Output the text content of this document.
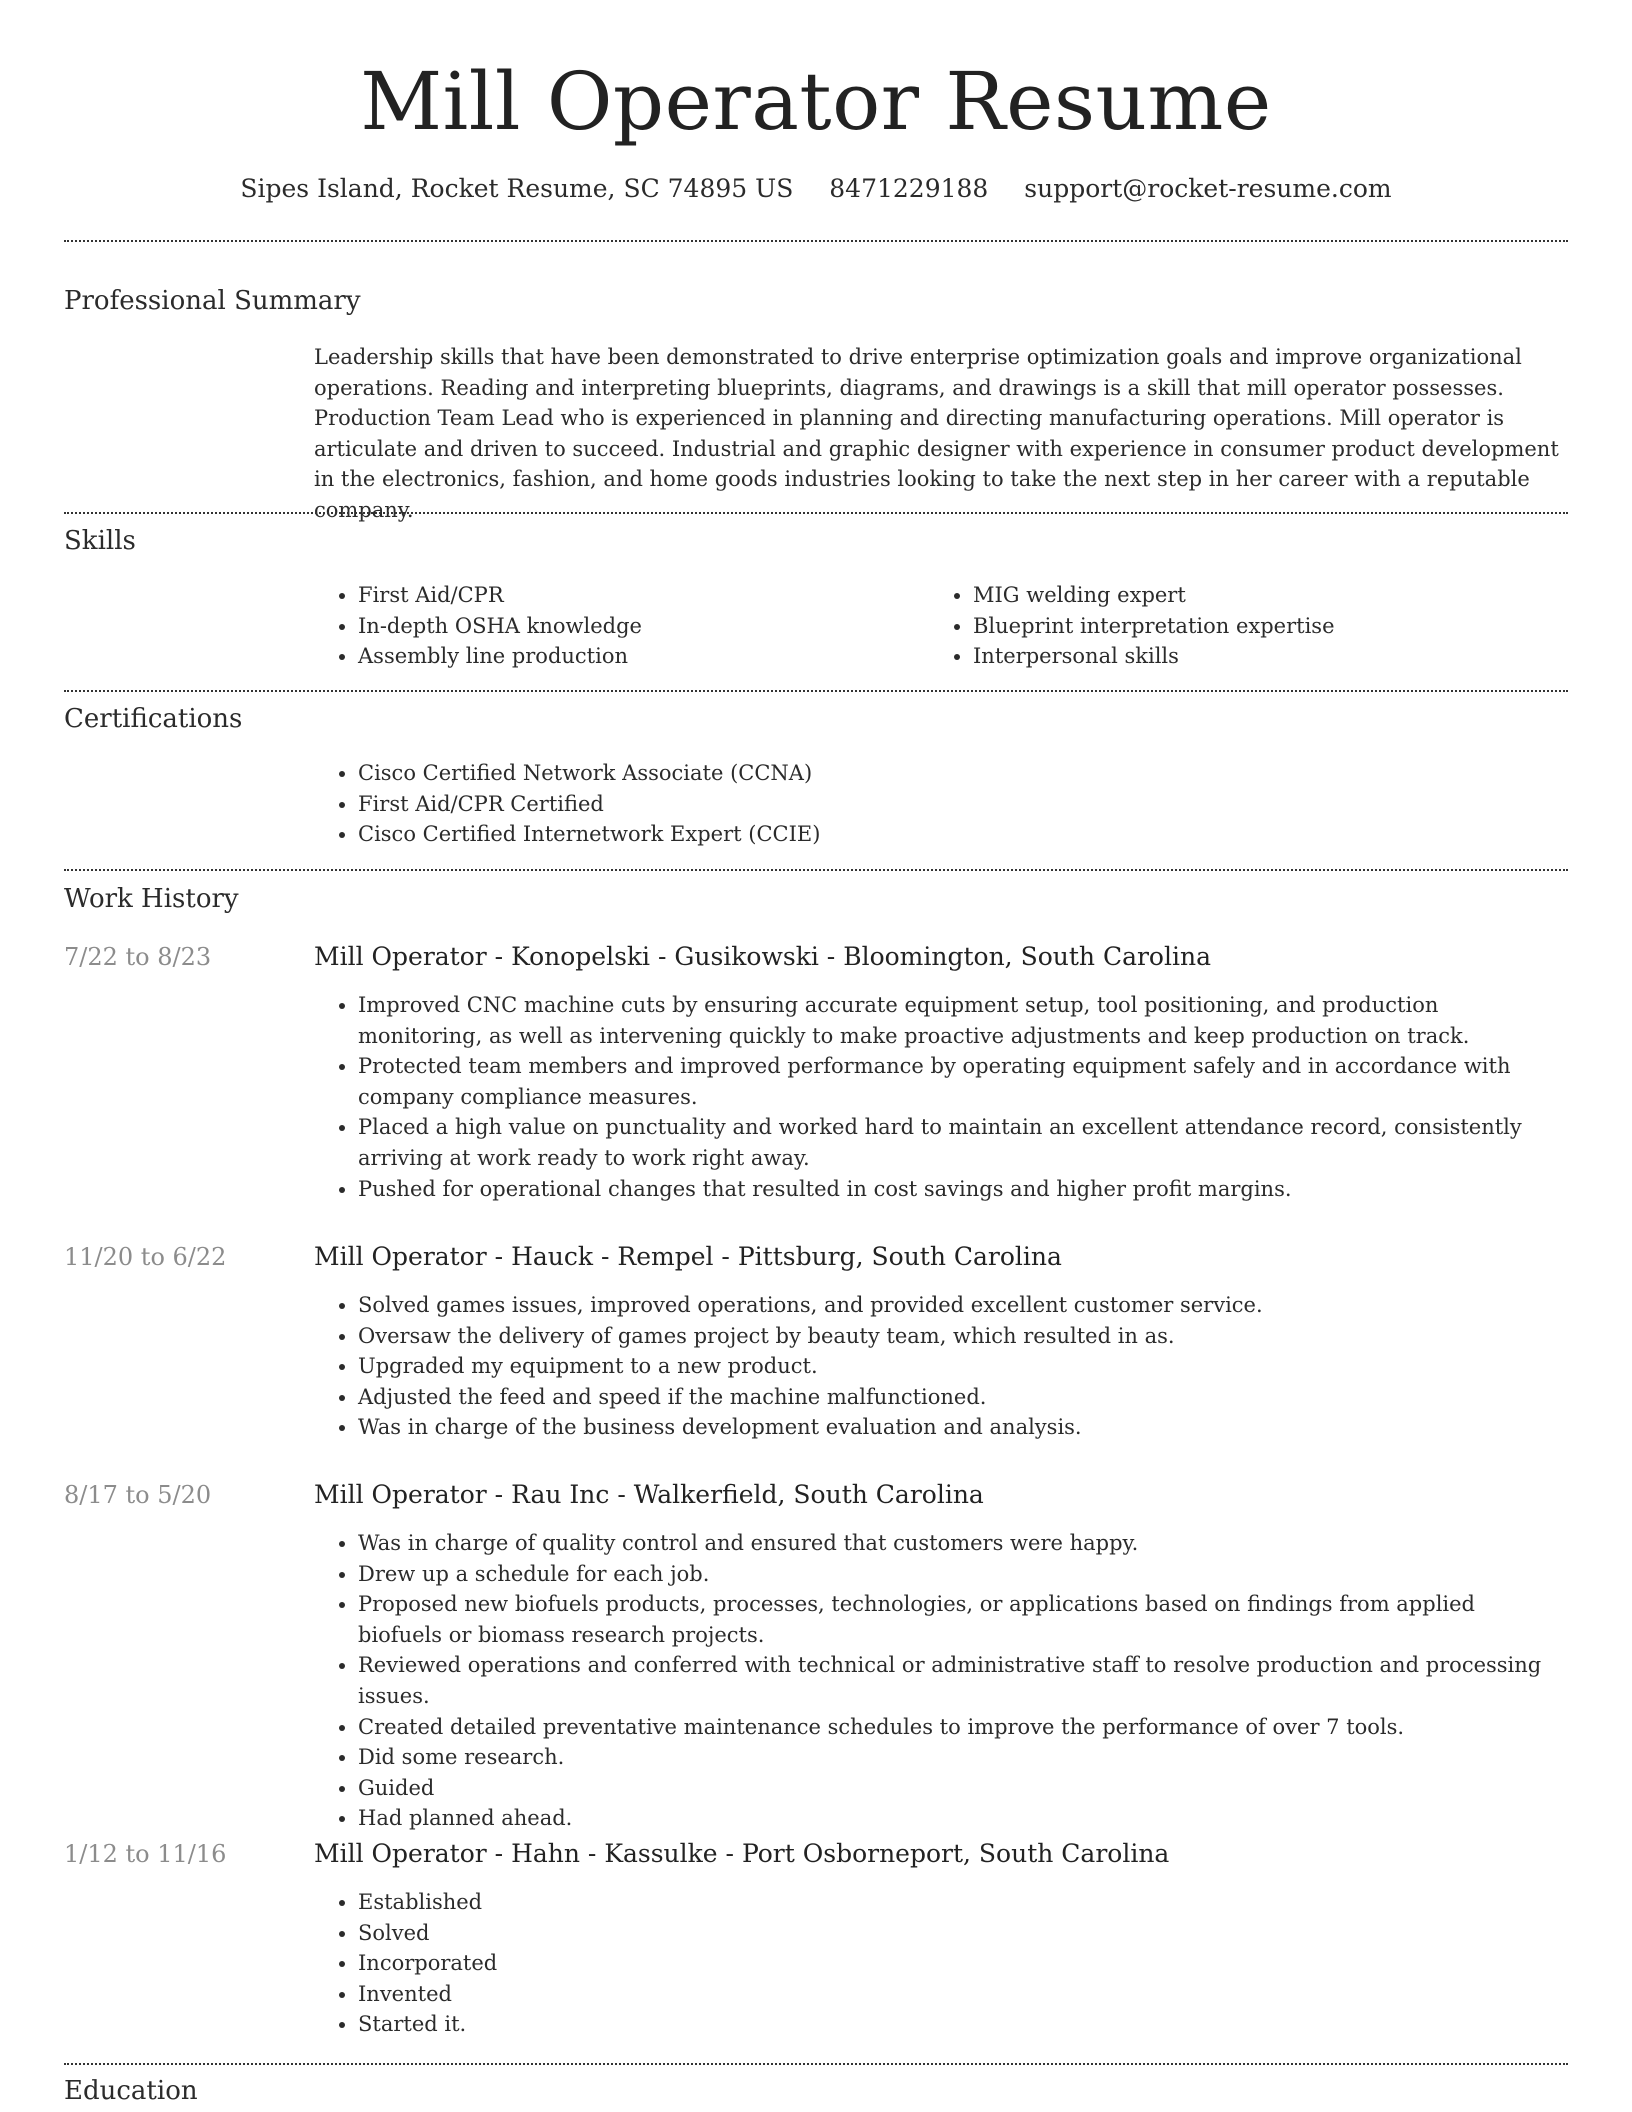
Mill Operator Resume
Sipes Island, Rocket Resume, SC 74895 US 8471229188 support@rocket-resume.com
Professional Summary
Leadership skills that have been demonstrated to drive enterprise optimization goals and improve organizational operations. Reading and interpreting blueprints, diagrams, and drawings is a skill that mill operator possesses. Production Team Lead who is experienced in planning and directing manufacturing operations. Mill operator is articulate and driven to succeed. Industrial and graphic designer with experience in consumer product development in the electronics, fashion, and home goods industries looking to take the next step in her career with a reputable company.
Skills
• First Aid/CPR
• In-depth OSHA knowledge
• Assembly line production
• MIG welding expert
• Blueprint interpretation expertise
• Interpersonal skills
Certifications
• Cisco Certified Network Associate (CCNA)
• First Aid/CPR Certified
• Cisco Certified Internetwork Expert (CCIE)
Work History
7/22 to 8/23	Mill Operator - Konopelski - Gusikowski - Bloomington, South Carolina
• Improved CNC machine cuts by ensuring accurate equipment setup, tool positioning, and production monitoring, as well as intervening quickly to make proactive adjustments and keep production on track.
• Protected team members and improved performance by operating equipment safely and in accordance with company compliance measures.
• Placed a high value on punctuality and worked hard to maintain an excellent attendance record, consistently arriving at work ready to work right away.
• Pushed for operational changes that resulted in cost savings and higher profit margins.
11/20 to 6/22	Mill Operator - Hauck - Rempel - Pittsburg, South Carolina
• Solved games issues, improved operations, and provided excellent customer service.
• Oversaw the delivery of games project by beauty team, which resulted in as.
• Upgraded my equipment to a new product.
• Adjusted the feed and speed if the machine malfunctioned.
• Was in charge of the business development evaluation and analysis.
8/17 to 5/20	Mill Operator - Rau Inc - Walkerfield, South Carolina
• Was in charge of quality control and ensured that customers were happy.
• Drew up a schedule for each job.
• Proposed new biofuels products, processes, technologies, or applications based on findings from applied biofuels or biomass research projects.
• Reviewed operations and conferred with technical or administrative staff to resolve production and processing issues.
• Created detailed preventative maintenance schedules to improve the performance of over 7 tools.
• Did some research.
• Guided
• Had planned ahead.
1/12 to 11/16	Mill Operator - Hahn - Kassulke - Port Osborneport, South Carolina
• Established
• Solved
• Incorporated
• Invented
• Started it.
Education
